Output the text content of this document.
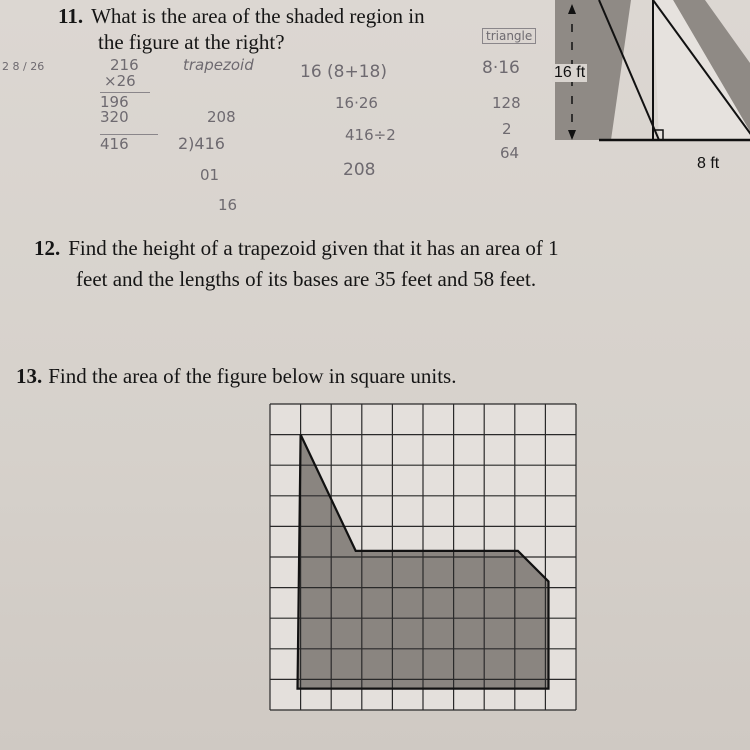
11. What is the area of the shaded region in
the figure at the right?
16 ft
8 ft
trapezoid
triangle
216
×26
196
320
416
16 (8+18)
16·26
416÷2
208
208
2)416
01
16
8·16
128
2
64
2 8 / 26
12. Find the height of a trapezoid given that it has an area of 1
feet and the lengths of its bases are 35 feet and 58 feet.
13. Find the area of the figure below in square units.
